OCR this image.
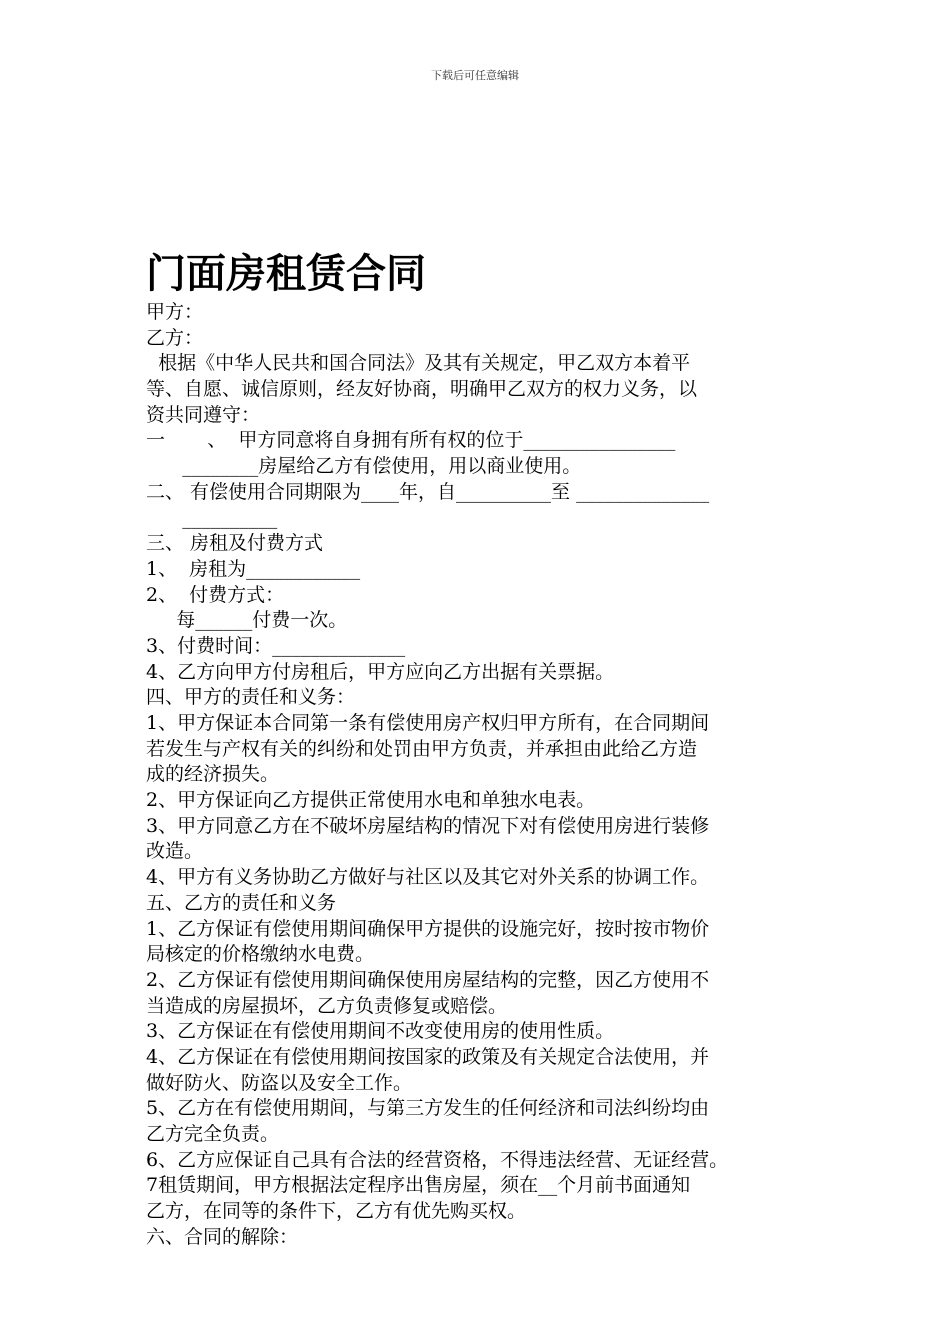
下载后可任意编辑
门面房租赁合同
甲方：
乙方：
根据《中华人民共和国合同法》及其有关规定，甲乙双方本着平
等、自愿、诚信原则，经友好协商，明确甲乙双方的权力义务，以
资共同遵守：
一       、  甲方同意将自身拥有所有权的位于________________
________房屋给乙方有偿使用，用以商业使用。
二、 有偿使用合同期限为____年，自__________至 ______________
__________
三、 房租及付费方式
1、  房租为____________
2、  付费方式：
每______付费一次。
3、付费时间：______________
4、乙方向甲方付房租后，甲方应向乙方出据有关票据。
四、甲方的责任和义务：
1、甲方保证本合同第一条有偿使用房产权归甲方所有，在合同期间
若发生与产权有关的纠纷和处罚由甲方负责，并承担由此给乙方造
成的经济损失。
2、甲方保证向乙方提供正常使用水电和单独水电表。
3、甲方同意乙方在不破坏房屋结构的情况下对有偿使用房进行装修
改造。
4、甲方有义务协助乙方做好与社区以及其它对外关系的协调工作。
五、乙方的责任和义务
1、乙方保证有偿使用期间确保甲方提供的设施完好，按时按市物价
局核定的价格缴纳水电费。
2、乙方保证有偿使用期间确保使用房屋结构的完整，因乙方使用不
当造成的房屋损坏，乙方负责修复或赔偿。
3、乙方保证在有偿使用期间不改变使用房的使用性质。
4、乙方保证在有偿使用期间按国家的政策及有关规定合法使用，并
做好防火、防盗以及安全工作。
5、乙方在有偿使用期间，与第三方发生的任何经济和司法纠纷均由
乙方完全负责。
6、乙方应保证自己具有合法的经营资格，不得违法经营、无证经营。
7租赁期间，甲方根据法定程序出售房屋，须在__个月前书面通知
乙方，在同等的条件下，乙方有优先购买权。
六、合同的解除：
